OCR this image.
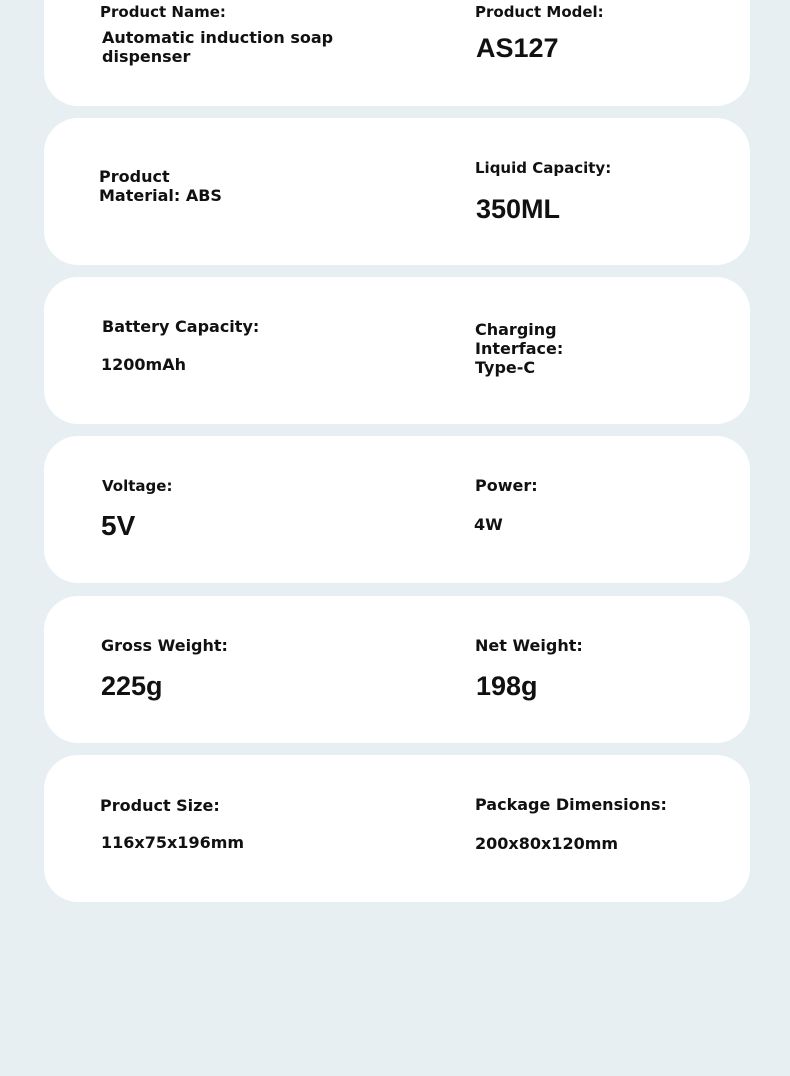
Product Name:

Automatic induction soap dispenser

Product Model:

AS127

Product

Material: ABS

Liquid Capacity:

350ML

Battery Capacity:

1200mAh

Charging

Interface:

Type-C

Voltage:

5V

Power:

4W

Gross Weight:

225g

Net Weight:

198g

Product Size:

116x75x196mm

Package Dimensions:

200x80x120mm
